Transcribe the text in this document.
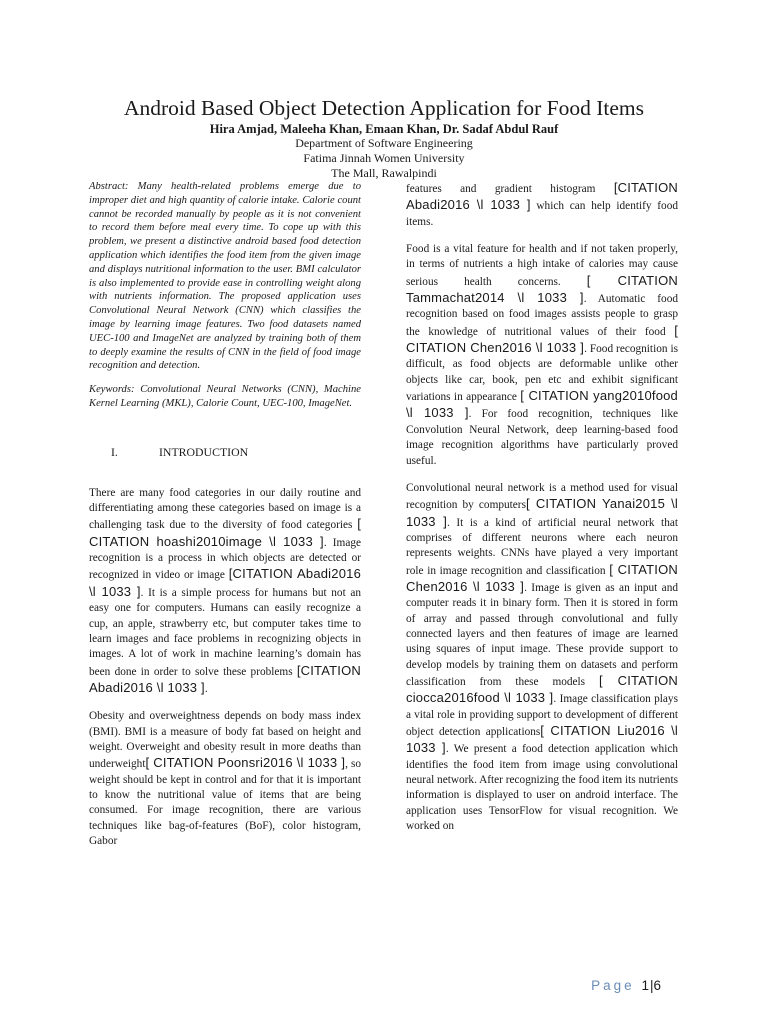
Android Based Object Detection Application for Food Items
Hira Amjad, Maleeha Khan, Emaan Khan, Dr. Sadaf Abdul Rauf
Department of Software Engineering
Fatima Jinnah Women University
The Mall, Rawalpindi

Abstract: Many health-related problems emerge due to improper diet and high quantity of calorie intake. Calorie count cannot be recorded manually by people as it is not convenient to record them before meal every time. To cope up with this problem, we present a distinctive android based food detection application which identifies the food item from the given image and displays nutritional information to the user. BMI calculator is also implemented to provide ease in controlling weight along with nutrients information. The proposed application uses Convolutional Neural Network (CNN) which classifies the image by learning image features. Two food datasets named UEC-100 and ImageNet are analyzed by training both of them to deeply examine the results of CNN in the field of food image recognition and detection.

Keywords: Convolutional Neural Networks (CNN), Machine Kernel Learning (MKL), Calorie Count, UEC-100, ImageNet.

I.	INTRODUCTION

There are many food categories in our daily routine and differentiating among these categories based on image is a challenging task due to the diversity of food categories [ CITATION hoashi2010image \l 1033 ]. Image recognition is a process in which objects are detected or recognized in video or image [CITATION Abadi2016 \l 1033 ]. It is a simple process for humans but not an easy one for computers. Humans can easily recognize a cup, an apple, strawberry etc, but computer takes time to learn images and face problems in recognizing objects in images. A lot of work in machine learning’s domain has been done in order to solve these problems [CITATION Abadi2016 \l 1033 ].

Obesity and overweightness depends on body mass index (BMI). BMI is a measure of body fat based on height and weight. Overweight and obesity result in more deaths than underweight[ CITATION Poonsri2016 \l 1033 ], so weight should be kept in control and for that it is important to know the nutritional value of items that are being consumed. For image recognition, there are various techniques like bag-of-features (BoF), color histogram, Gabor

features and gradient histogram [CITATION Abadi2016 \l 1033 ] which can help identify food items.

Food is a vital feature for health and if not taken properly, in terms of nutrients a high intake of calories may cause serious health concerns. [ CITATION Tammachat2014 \l 1033 ]. Automatic food recognition based on food images assists people to grasp the knowledge of nutritional values of their food [ CITATION Chen2016 \l 1033 ]. Food recognition is difficult, as food objects are deformable unlike other objects like car, book, pen etc and exhibit significant variations in appearance [ CITATION yang2010food \l 1033 ]. For food recognition, techniques like Convolution Neural Network, deep learning-based food image recognition algorithms have particularly proved useful.

Convolutional neural network is a method used for visual recognition by computers[ CITATION Yanai2015 \l 1033 ]. It is a kind of artificial neural network that comprises of different neurons where each neuron represents weights. CNNs have played a very important role in image recognition and classification [ CITATION Chen2016 \l 1033 ]. Image is given as an input and computer reads it in binary form. Then it is stored in form of array and passed through convolutional and fully connected layers and then features of image are learned using squares of input image. These provide support to develop models by training them on datasets and perform classification from these models [ CITATION ciocca2016food \l 1033 ]. Image classification plays a vital role in providing support to development of different object detection applications[ CITATION Liu2016 \l 1033 ]. We present a food detection application which identifies the food item from image using convolutional neural network. After recognizing the food item its nutrients information is displayed to user on android interface. The application uses TensorFlow for visual recognition. We worked on

Page 1|6
